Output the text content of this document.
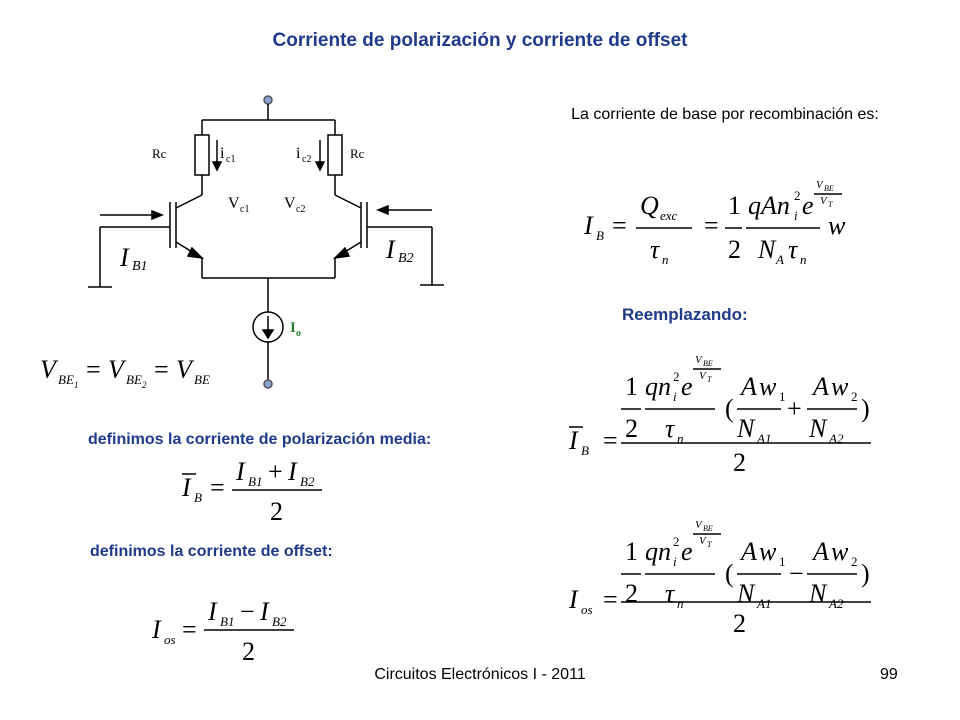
Corriente de polarización y corriente de offset
Rc	Rc
i c1	i c2
V c1 V c2
I B1
I B2
I o
V BE 1
= V BE 2
= V BE
La corriente de base por recombinación es:
I B =
Q exc
τ n
=
1
2
qAn i
2 e
V BE
V T
N A τ n
w
Reemplazando:
I B =
1
2
qn i
2 e
V BE
V T
τ n
(
A w 1
N A1
+
A w 2
N A2
)
2
I os =
1
2
qn i
2 e
V BE
V T
τ n
(
A w 1
N A1
−
A w 2
N A2
)
2
definimos la corriente de polarización media:
I B =
I B1 + I B2
2
definimos la corriente de offset:
I os =
I B1 − I B2
2
Circuitos Electrónicos I - 2011	99
